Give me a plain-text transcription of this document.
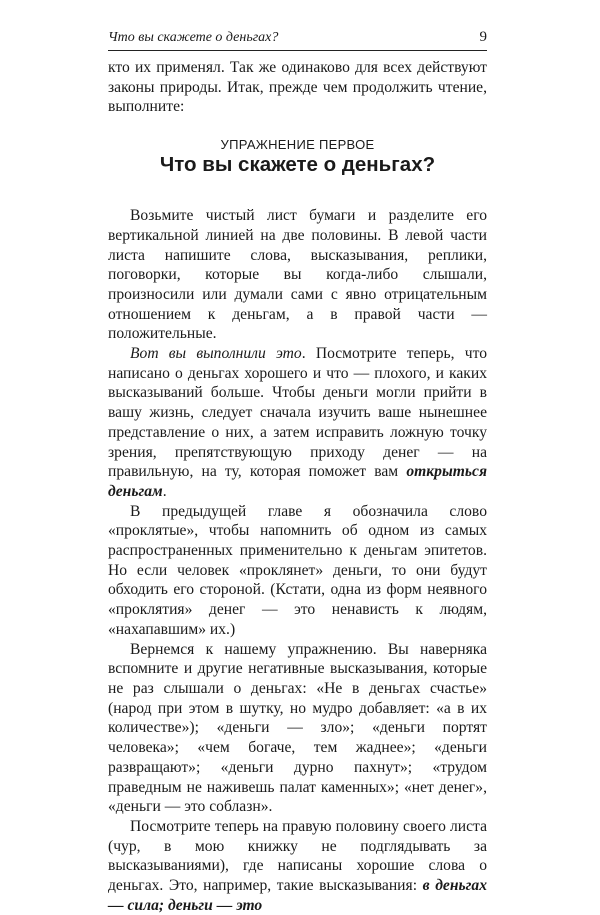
Что вы скажете о деньгах?	9

кто их применял. Так же одинаково для всех действуют законы природы. Итак, прежде чем продолжить чтение, выполните:

УПРАЖНЕНИЕ ПЕРВОЕ
Что вы скажете о деньгах?

Возьмите чистый лист бумаги и разделите его вертикальной линией на две половины. В левой части листа напишите слова, высказывания, реплики, поговорки, которые вы когда-либо слышали, произносили или думали сами с явно отрицательным отношением к деньгам, а в правой части — положительные.

Вот вы выполнили это. Посмотрите теперь, что написано о деньгах хорошего и что — плохого, и каких высказываний больше. Чтобы деньги могли прийти в вашу жизнь, следует сначала изучить ваше нынешнее представление о них, а затем исправить ложную точку зрения, препятствующую приходу денег — на правильную, на ту, которая поможет вам открыться деньгам.

В предыдущей главе я обозначила слово «проклятые», чтобы напомнить об одном из самых распространенных применительно к деньгам эпитетов. Но если человек «проклянет» деньги, то они будут обходить его стороной. (Кстати, одна из форм неявного «проклятия» денег — это ненависть к людям, «нахапавшим» их.)

Вернемся к нашему упражнению. Вы наверняка вспомните и другие негативные высказывания, которые не раз слышали о деньгах: «Не в деньгах счастье» (народ при этом в шутку, но мудро добавляет: «а в их количестве»); «деньги — зло»; «деньги портят человека»; «чем богаче, тем жаднее»; «деньги развращают»; «деньги дурно пахнут»; «трудом праведным не наживешь палат каменных»; «нет денег», «деньги — это соблазн».

Посмотрите теперь на правую половину своего листа (чур, в мою книжку не подглядывать за высказываниями), где написаны хорошие слова о деньгах. Это, например, такие высказывания: в деньгах — сила; деньги — это
